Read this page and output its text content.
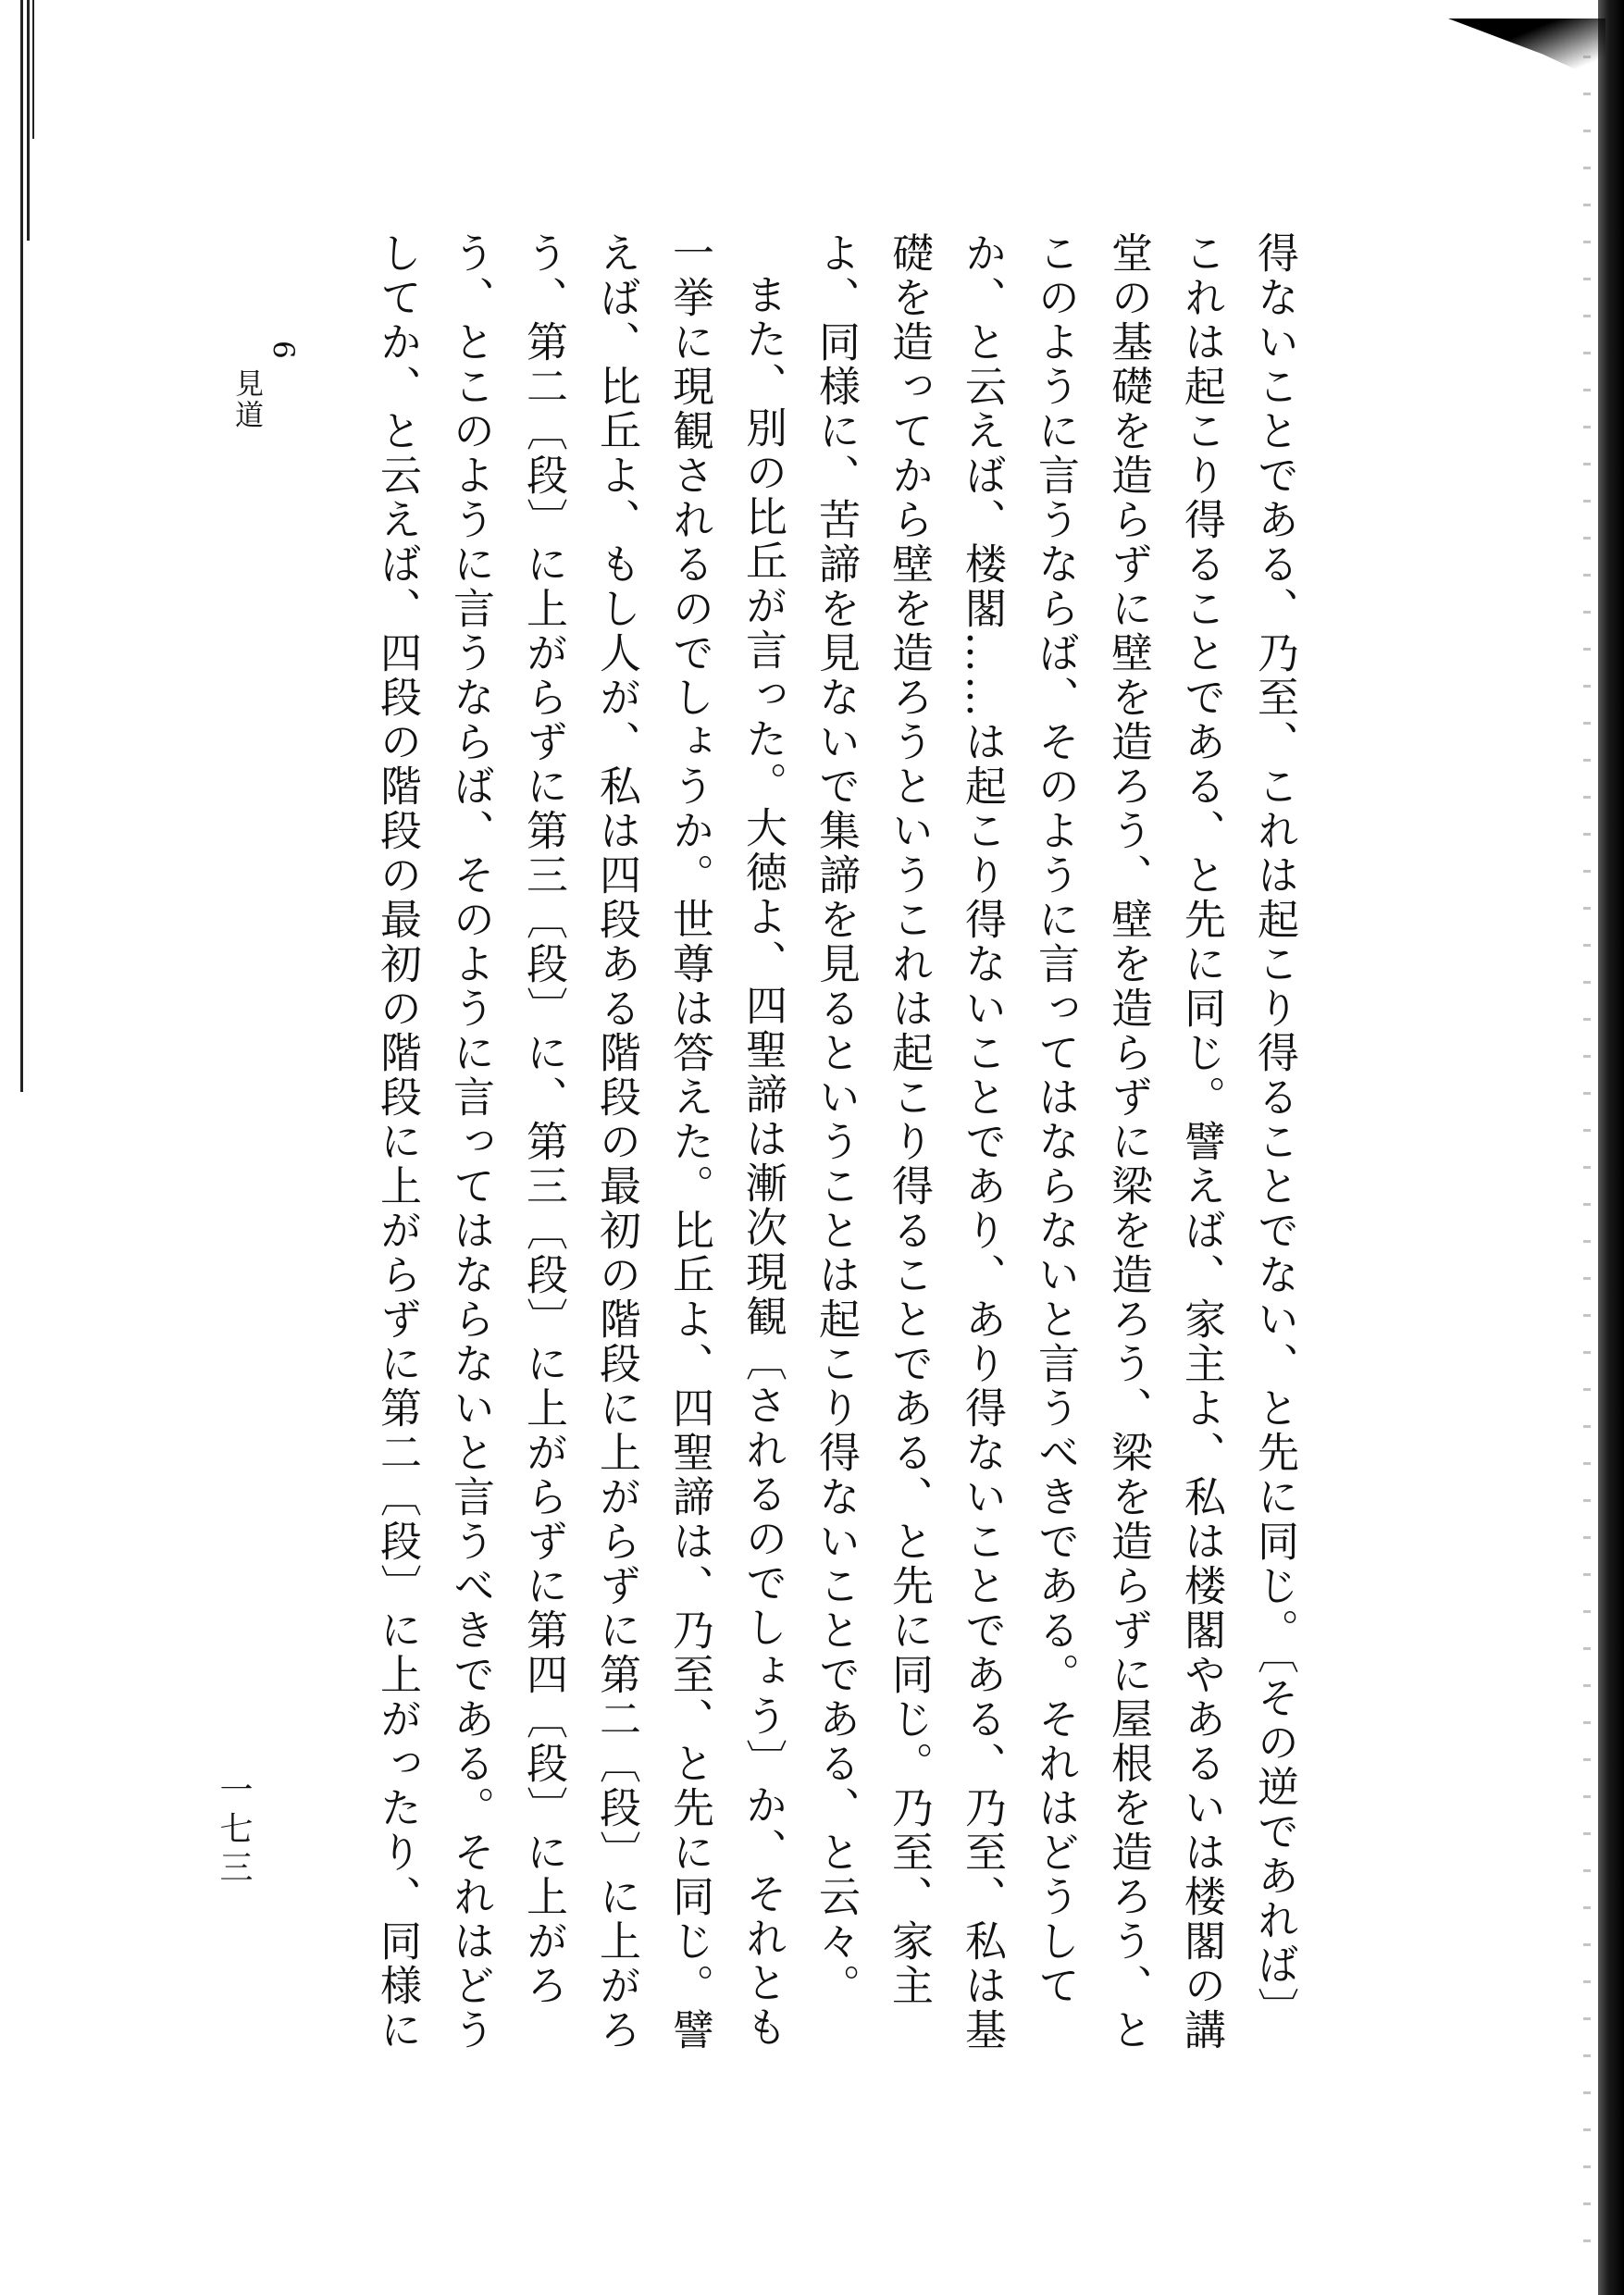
得ないことである、乃至、これは起こり得ることでない、と先に同じ。〔その逆であれば〕これは起こり得ることである、と先に同じ。譬えば、家主よ、私は楼閣やあるいは楼閣の講堂の基礎を造らずに壁を造ろう、壁を造らずに梁を造ろう、梁を造らずに屋根を造ろう、とこのように言うならば、そのように言ってはならないと言うべきである。それはどうしてか、と云えば、楼閣……は起こり得ないことであり、あり得ないことである、乃至、私は基礎を造ってから壁を造ろうというこれは起こり得ることである、と先に同じ。乃至、家主よ、同様に、苦諦を見ないで集諦を見るということは起こり得ないことである、と云々。

また、別の比丘が言った。大徳よ、四聖諦は漸次現観〔されるのでしょう〕か、それとも一挙に現観されるのでしょうか。世尊は答えた。比丘よ、四聖諦は、乃至、と先に同じ。譬えば、比丘よ、もし人が、私は四段ある階段の最初の階段に上がらずに第二〔段〕に上がろう、第二〔段〕に上がらずに第三〔段〕に、第三〔段〕に上がらずに第四〔段〕に上がろう、とこのように言うならば、そのように言ってはならないと言うべきである。それはどうしてか、と云えば、四段の階段の最初の階段に上がらずに第二〔段〕に上がったり、同様に

6
見道
一七三
